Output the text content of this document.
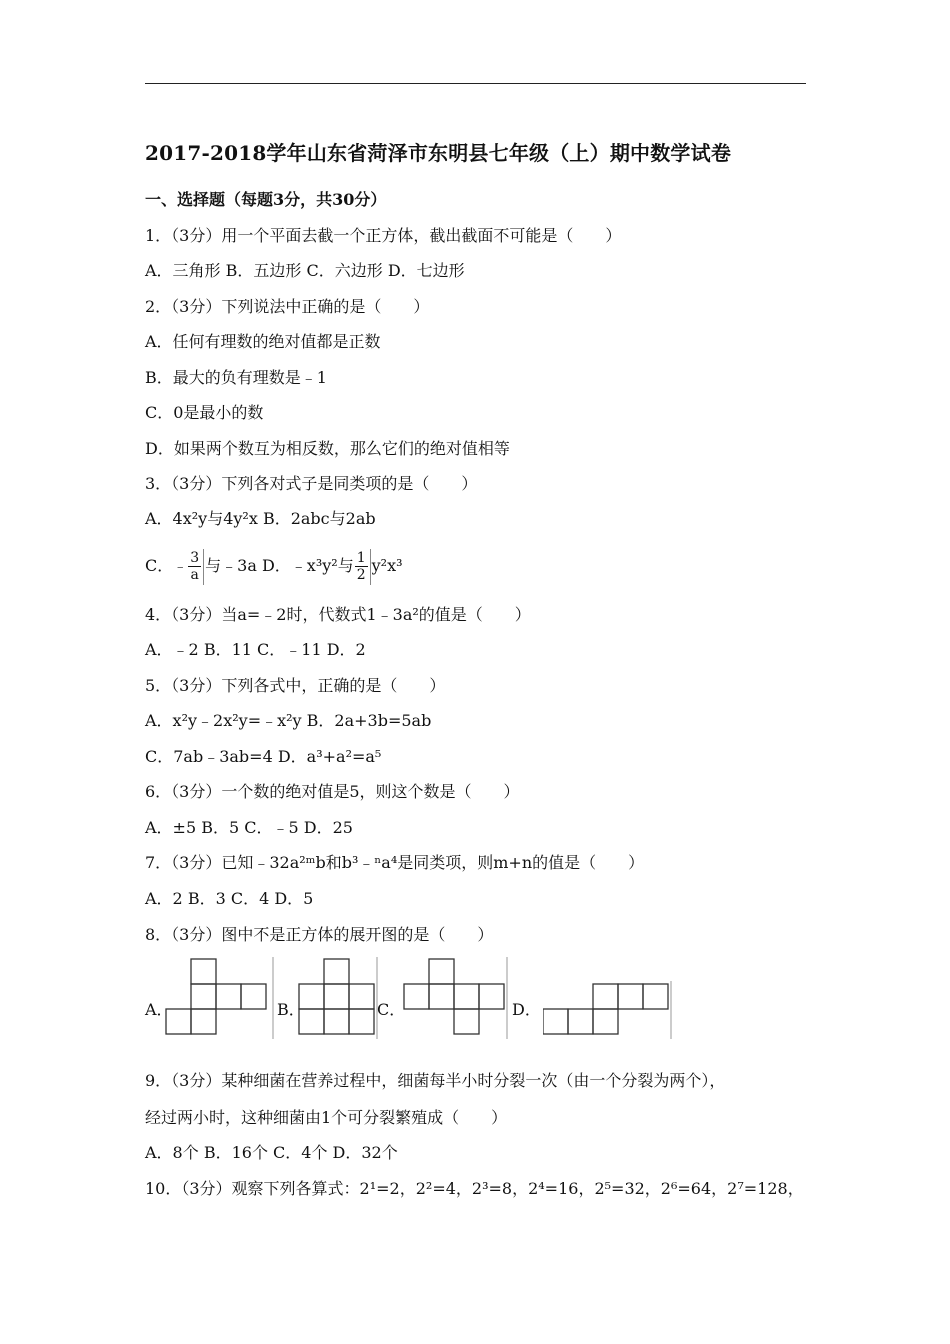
2017-2018学年山东省菏泽市东明县七年级（上）期中数学试卷
一、选择题（每题3分，共30分）
1．（3分）用一个平面去截一个正方体，截出截面不可能是（　　）
A．三角形 B．五边形 C．六边形 D．七边形
2．（3分）下列说法中正确的是（　　）
A．任何有理数的绝对值都是正数
B．最大的负有理数是﹣1
C．0是最小的数
D．如果两个数互为相反数，那么它们的绝对值相等
3．（3分）下列各对式子是同类项的是（　　）
A．4x²y与4y²x B．2abc与2ab
C．﹣ $\frac{3}{a}$ 与﹣3a D．﹣x³y²与 $\frac{1}{2} y^2x^3$
4．（3分）当a=﹣2时，代数式1﹣3a²的值是（　　）
A．﹣2 B．11 C．﹣11 D．2
5．（3分）下列各式中，正确的是（　　）
A．x²y﹣2x²y=﹣x²y B．2a+3b=5ab
C．7ab﹣3ab=4 D．a³+a²=a⁵
6．（3分）一个数的绝对值是5，则这个数是（　　）
A．±5 B．5 C．﹣5 D．25
7．（3分）已知﹣32a²ᵐb和b³﹣ⁿa⁴是同类项，则m+n的值是（　　）
A．2 B．3 C．4 D．5
8．（3分）图中不是正方体的展开图的是（　　）
A．	B．	C．	D．
9．（3分）某种细菌在营养过程中，细菌每半小时分裂一次（由一个分裂为两个），
经过两小时，这种细菌由1个可分裂繁殖成（　　）
A．8个 B．16个 C．4个 D．32个
10．（3分）观察下列各算式：2¹=2，2²=4，2³=8，2⁴=16，2⁵=32，2⁶=64，2⁷=128，
